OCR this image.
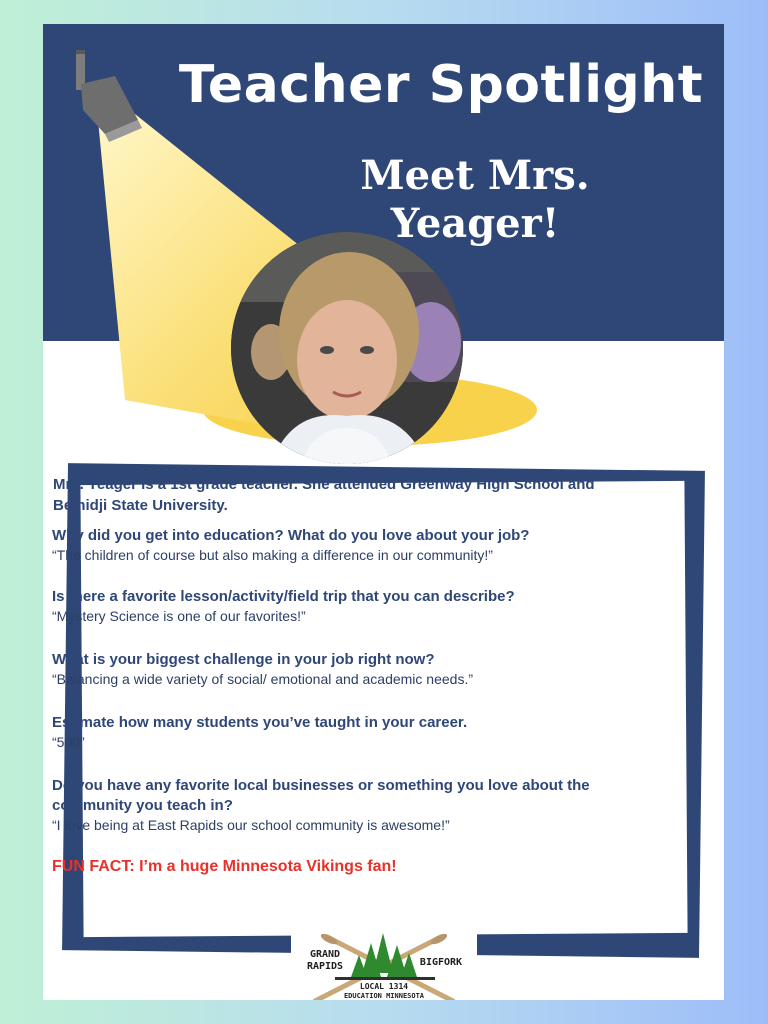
Teacher Spotlight
Meet Mrs. Yeager!
GRAND
RAPIDS	BIGFORK
LOCAL 1314
EDUCATION MINNESOTA
Mrs. Yeager is a 1st grade teacher. She attended Greenway High School and Bemidji State University.
Why did you get into education? What do you love about your job?
“The children of course but also making a difference in our community!”
Is there a favorite lesson/activity/field trip that you can describe?
“Mystery Science is one of our favorites!”
What is your biggest challenge in your job right now?
“Balancing a wide variety of social/ emotional and academic needs.”
Estimate how many students you’ve taught in your career.
“500”
Do you have any favorite local businesses or something you love about the community you teach in?
“I love being at East Rapids our school community is awesome!”
FUN FACT: I’m a huge Minnesota Vikings fan!
